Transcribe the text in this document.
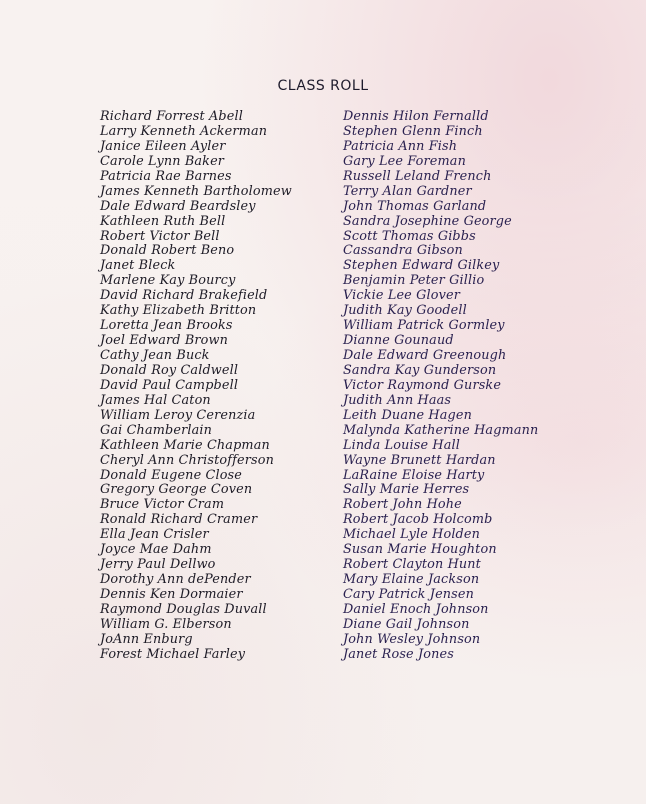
CLASS ROLL
Richard Forrest Abell
Larry Kenneth Ackerman
Janice Eileen Ayler
Carole Lynn Baker
Patricia Rae Barnes
James Kenneth Bartholomew
Dale Edward Beardsley
Kathleen Ruth Bell
Robert Victor Bell
Donald Robert Beno
Janet Bleck
Marlene Kay Bourcy
David Richard Brakefield
Kathy Elizabeth Britton
Loretta Jean Brooks
Joel Edward Brown
Cathy Jean Buck
Donald Roy Caldwell
David Paul Campbell
James Hal Caton
William Leroy Cerenzia
Gai Chamberlain
Kathleen Marie Chapman
Cheryl Ann Christofferson
Donald Eugene Close
Gregory George Coven
Bruce Victor Cram
Ronald Richard Cramer
Ella Jean Crisler
Joyce Mae Dahm
Jerry Paul Dellwo
Dorothy Ann dePender
Dennis Ken Dormaier
Raymond Douglas Duvall
William G. Elberson
JoAnn Enburg
Forest Michael Farley
Dennis Hilon Fernalld
Stephen Glenn Finch
Patricia Ann Fish
Gary Lee Foreman
Russell Leland French
Terry Alan Gardner
John Thomas Garland
Sandra Josephine George
Scott Thomas Gibbs
Cassandra Gibson
Stephen Edward Gilkey
Benjamin Peter Gillio
Vickie Lee Glover
Judith Kay Goodell
William Patrick Gormley
Dianne Gounaud
Dale Edward Greenough
Sandra Kay Gunderson
Victor Raymond Gurske
Judith Ann Haas
Leith Duane Hagen
Malynda Katherine Hagmann
Linda Louise Hall
Wayne Brunett Hardan
LaRaine Eloise Harty
Sally Marie Herres
Robert John Hohe
Robert Jacob Holcomb
Michael Lyle Holden
Susan Marie Houghton
Robert Clayton Hunt
Mary Elaine Jackson
Cary Patrick Jensen
Daniel Enoch Johnson
Diane Gail Johnson
John Wesley Johnson
Janet Rose Jones
